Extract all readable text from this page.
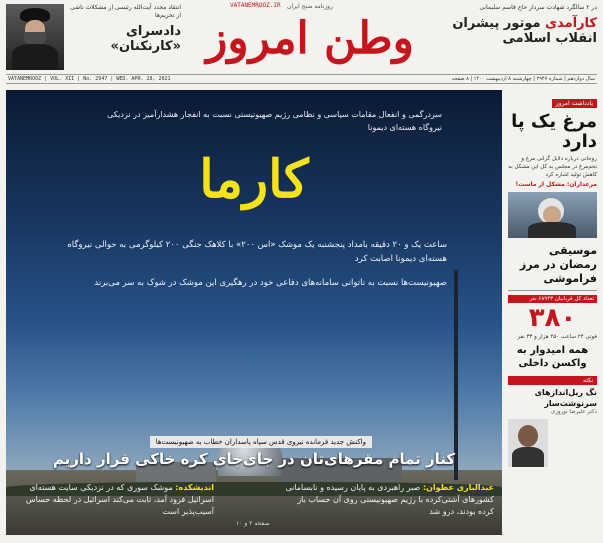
در ۲ سالگرد شهادت سردار حاج قاسم سلیمانی
کارآمدی موتور پیشران
انقلاب اسلامی
VATANEMROOZ.IR	روزنامه صبح ایران
وطن امروز
انتقاد مجدد آیت‌الله رئیسی از مشکلات ناشی از تحریم‌ها
دادسرای «کارنکنان»
VATANEMROOZ | VOL. XII | No. 2947 | WED. APR. 28, 2021	سال دوازدهم | شماره ۲۹۴۷ | چهارشنبه ۸ اردیبهشت ۱۴۰۰ | ۸ صفحه
سردرگمی و انفعال مقامات سیاسی و نظامی رژیم صهیونیستی نسبت به انفجار هشدارآمیز در نزدیکی نیروگاه هسته‌ای دیمونا
کارما

ساعت یک و ۲۰ دقیقه بامداد پنجشنبه یک موشک «اس ۲۰۰» با کلاهک جنگی ۲۰۰ کیلوگرمی به حوالی نیروگاه هسته‌ای دیمونا اصابت کرد

صهیونیست‌ها نسبت به ناتوانی سامانه‌های دفاعی خود در رهگیری این موشک در شوک به سر می‌برند

واکنش جدید فرمانده نیروی قدس سپاه پاسداران خطاب به صهیونیست‌ها
کنار تمام مقرهای‌تان در جای‌جای کره خاکی قرار داریم
عبدالباری عطوان: صبر راهبردی به پایان رسیده و نابسامانی کشورهای آشتی‌کرده با رژیم صهیونیستی روی آن حساب باز کرده بودند، درو شد
اندیشکده: موشک سوری که در نزدیکی سایت هسته‌ای اسرائیل فرود آمد، ثابت می‌کند اسرائیل در لحظه حساس آسیب‌پذیر است
صفحه ۲ و ۱۰
یادداشت امروز
مرغ یک پا دارد
روحانی درباره دلایل گرانی مرغ و تخم‌مرغ در مجلس به کل این مشکل به کاهش تولید اشاره کرد
مرغداران: مشکل از ماست!
موسیقی رمضان در مرز فراموشی
تعداد کل قربانیان ۶۸۹۴۳ نفر
۳۸۰
فوتی ۲۴ ساعت ۲۵۰ هزار و ۳۳ نفر
همه امیدوار به واکسن داخلی
نکته
نگ ریل‌اندازهای سرنوشت‌ساز
دکتر علیرضا نوروزی
